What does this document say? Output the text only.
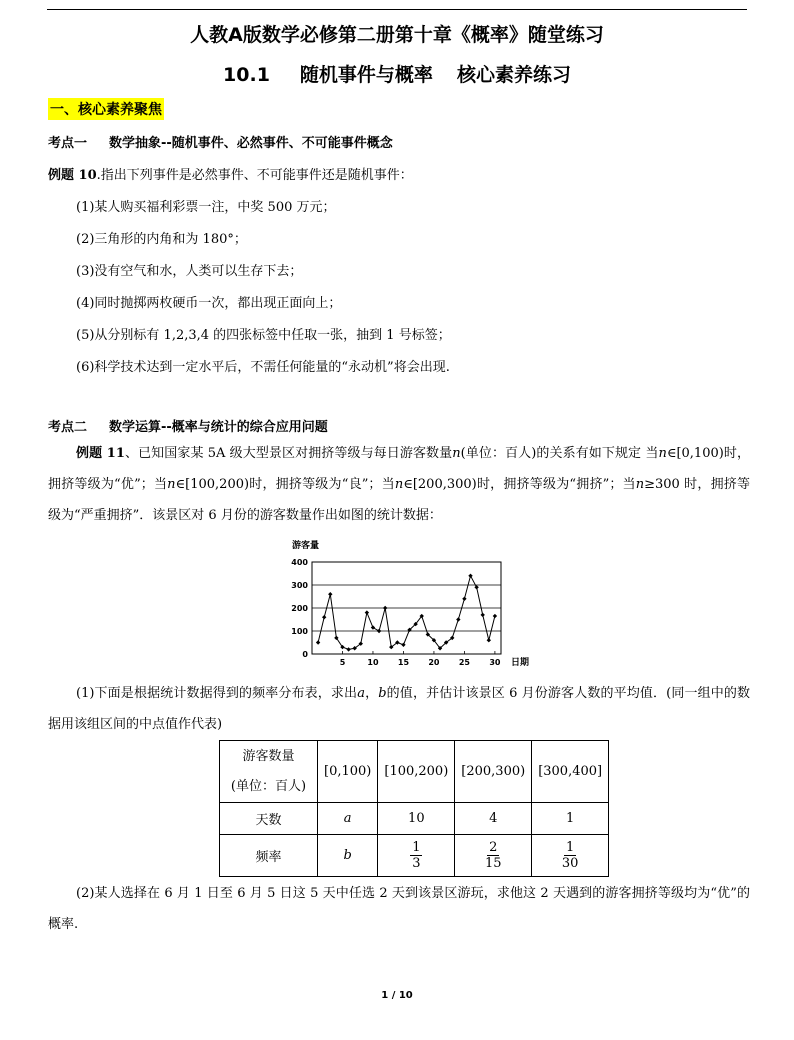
人教A版数学必修第二册第十章《概率》随堂练习
10.1 随机事件与概率 核心素养练习
一、核心素养聚焦
考点一 数学抽象--随机事件、必然事件、不可能事件概念
例题 10.指出下列事件是必然事件、不可能事件还是随机事件：
(1)某人购买福利彩票一注，中奖 500 万元；
(2)三角形的内角和为 180°；
(3)没有空气和水，人类可以生存下去；
(4)同时抛掷两枚硬币一次，都出现正面向上；
(5)从分别标有 1,2,3,4 的四张标签中任取一张，抽到 1 号标签；
(6)科学技术达到一定水平后，不需任何能量的“永动机”将会出现.
考点二 数学运算--概率与统计的综合应用问题
例题 11、已知国家某 5A 级大型景区对拥挤等级与每日游客数量n(单位：百人)的关系有如下规定 当n∈[0,100)时，拥挤等级为“优”；当n∈[100,200)时，拥挤等级为“良”；当n∈[200,300)时，拥挤等级为“拥挤”；当n≥300 时，拥挤等级为“严重拥挤”．该景区对 6 月份的游客数量作出如图的统计数据：
0
100
200
300
400
5	10 15 20 25 30
游客量
日期
(1)下面是根据统计数据得到的频率分布表，求出a，b的值，并估计该景区 6 月份游客人数的平均值．(同一组中的数据用该组区间的中点值作代表)
游客数量
(单位：百人)	[0,100)	[100,200)	[200,300)	[300,400]
天数	a	10	4	1
频率	b	$\frac{1}{3}$	$\frac{2}{15}$	$\frac{1}{30}$
(2)某人选择在 6 月 1 日至 6 月 5 日这 5 天中任选 2 天到该景区游玩，求他这 2 天遇到的游客拥挤等级均为“优”的概率.
1 / 10
